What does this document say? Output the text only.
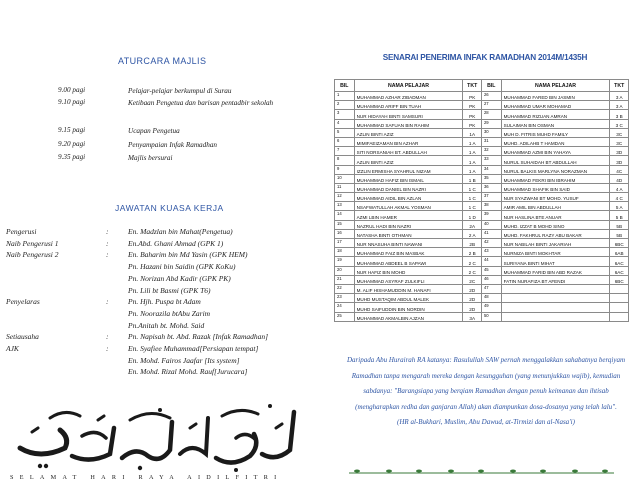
ATURCARA MAJLIS
9.00 pagi	Pelajar-pelajar berkumpul di Surau
9.10 pagi	Ketibaan Pengetua dan barisan pentadbir sekolah
9.15 pagi	Ucapan Pengetua
9.20 pagi	Penyampaian Infak Ramadhan
9.35 pagi	Majlis bersurai
JAWATAN KUASA KERJA
Pengerusi	:	En. Madzlan bin Mahat(Pengetua)
Naib Pengerusi 1	:	En.Abd. Ghani Ahmad (GPK 1)
Naib Pengerusi 2	:	En. Baharim bin Md Yasin (GPK HEM)
Pn. Hazani bin Saidin (GPK KoKu)
Pn. Norizan Abd Kadir (GPK PK)
Pn. Lili bt Basmi (GPK T6)
Penyelaras	:	Pn. Hjh. Puspa bt Adam
Pn. Noorazila btAbu Zarim
Pn.Anitah bt. Mohd. Said
Setiausaha	:	Pn. Napisah bt. Abd. Razak [Infak Ramadhan]
AJK	:	En. Syafiee Muhammad[Persiapan tempat]
En. Mohd. Fairos Jaafar [Its system]
En. Mohd. Rizal Mohd. Rauf[Jurucara]
SELAMAT HARI RAYA AIDILFITRI
SENARAI PENERIMA INFAK RAMADHAN 2014M/1435H
BIL	NAMA PELAJAR	TKT	BIL	NAMA PELAJAR	TKT
1	MUHAMMAD AZHAR ZIBADMAN	PK	26	MUHAMMAD FARED BIN JASMIN	3 A
2	MUHAMMAD ARIFF BIN TUAH	PK	27	MUHAMMAD UMAR MOHAMAD	3 A
3	NUR HIDAYAH BINTI SAMSURI	PK	28	MUHAMMAD RIZUAN AMRAN	3 B
4	MUHAMMAD SAFUAN BIN RAHIM	PK	29	SULAIMAN BIN OSMAN	3 C
5	AZLIN BINTI AZIZ	1A	30	MUH D. FITRIS MUHD FAMILY	3C
6	MIMIFAEIZAMAN BIN AZHAR	1 A	31	MUHD. ADILAHB T HAMDAN	3C
7	SITI NORSANIAH BT. ABDULLAH	1 A	32	MUHAMMAD AZMI BIN YAHAYA	3D
8	AZLIN BINTI AZIZ	1 A	33	NURUL SUHAIDAH BT ABDULLAH	3D
9	IZZLIN ERMISHA SYAHRUL NIZAM	1 A	34	NURUL BALKIS MARLYNA NORAZMAN	4C
10	MUHAMMAD HAFIZ BIN ISMAIL	1 B	35	MUHAMMAD FEKRI BIN IBRAHIM	4D
11	MUHAMMAD DANIEL BIN NAZRI	1 C	36	MUHAMMAD SHAFIK BIN SAID	4 A
12	MUHAMMAD AIDIL BIN AZLAN	1 C	37	NUR SYAZWANI BT MOHD. YUSUF	4 C
13	NSAFWATULLAH AKMAL YOSMAN	1 C	38	AMIR AMIL BIN ABDULLAH	5 A
14	AZMI LBIN HAMER	1 D	39	NUR HASLINA BTE ANUAR	5 B
15	NAZRUL HADI BIN NAZRI	2A	40	MUHD. IZZAT B MOHD SINO	5B
16	NATASHA BINTI OTHMAN	2 A	41	MUHD. FAKHRUL RAZY ABU BAKAR	5B
17	NUR NNASUHA BINTI NAWANI	2B	42	NUR NABILAH BINTI JAKARIAH	6BC
18	MUHAMMAD FAIZ BIN MASBAK	2 B	43	NURNIZA BINTI MOKHTAR	6AB
19	MUHAMMAD ABDEEL B SAPAWI	2 C	44	SURIYANA BINTI MIHAT	6AC
20	NUR HAFIZ BIN MOHD	2 C	45	MUHAMMAD FARID BIN ABD RAZAK	6AC
21	MUHAMMAD ASYRAF ZULKIFLI	2C	46	FATIN NURAFIZA BT AFENDI	6BC
22	M. ALIF HISHAMUDDIN M. HANAFI	2D	47		
23	MUHD MUSTAQIM ABDUL MALEK	2D	48		
24	MUHD SAIFUDDIN BIN NORDIN	2D	49		
25	MUHAMMAD AKMALBIN AJZAN	3A	50		
Daripada Abu Hurairah RA katanya: Rasulullah SAW pernah menggalakkan sahabatnya berqiyam Ramadhan tanpa mengarah mereka dengan kesungguhan (yang menunjukkan wajib), kemudian sabdanya: "Barangsiapa yang berqiam Ramadhan dengan penuh keimanan dan ihtisab (mengharapkan redha dan ganjaran Allah) akan diampunkan dosa-dosanya yang telah lalu".
(HR al-Bukhari, Muslim, Abu Dawud, at-Tirmizi dan al-Nasa'i)
